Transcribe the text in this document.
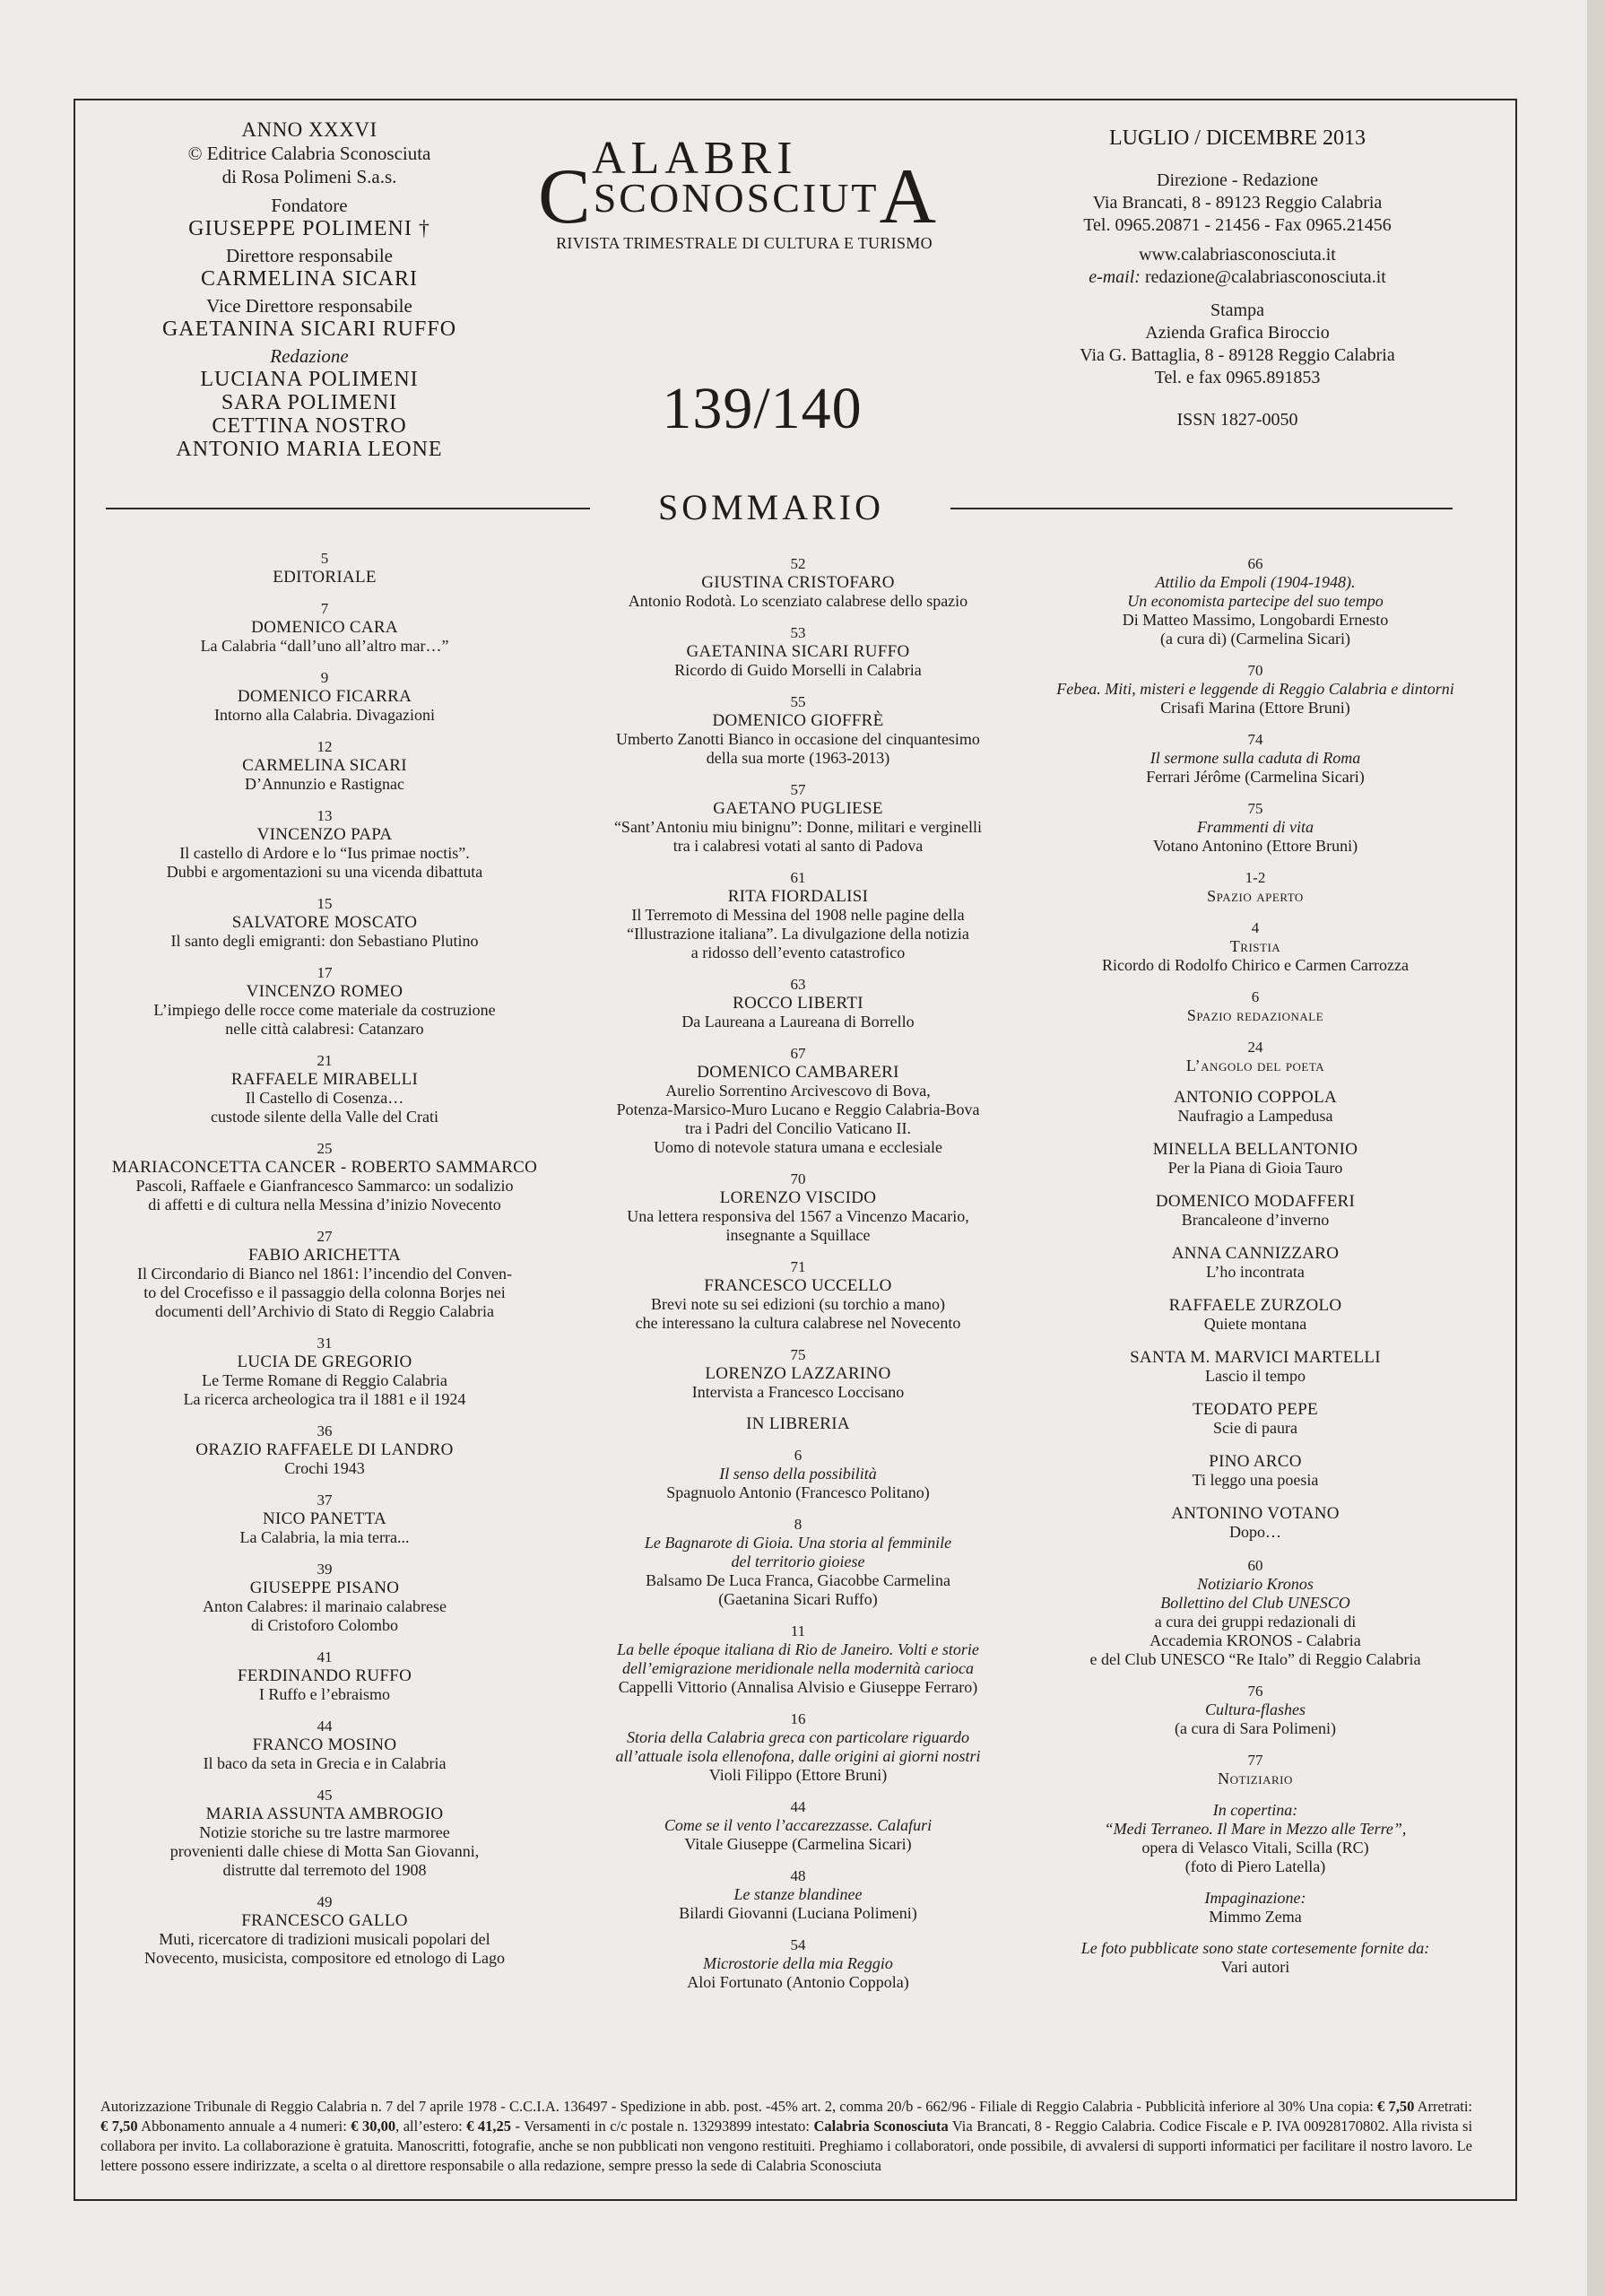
ANNO XXXVI
© Editrice Calabria Sconosciuta
di Rosa Polimeni S.a.s.
Fondatore
GIUSEPPE POLIMENI †
Direttore responsabile
CARMELINA SICARI
Vice Direttore responsabile
GAETANINA SICARI RUFFO
Redazione
LUCIANA POLIMENI
SARA POLIMENI
CETTINA NOSTRO
ANTONIO MARIA LEONE
ALABRI
CSCONOSCIUTA
RIVISTA TRIMESTRALE DI CULTURA E TURISMO
139/140
LUGLIO / DICEMBRE 2013
Direzione - Redazione
Via Brancati, 8 - 89123 Reggio Calabria
Tel. 0965.20871 - 21456 - Fax 0965.21456
www.calabriasconosciuta.it
e-mail: redazione@calabriasconosciuta.it
Stampa
Azienda Grafica Biroccio
Via G. Battaglia, 8 - 89128 Reggio Calabria
Tel. e fax 0965.891853
ISSN 1827-0050
SOMMARIO
5
EDITORIALE
7
DOMENICO CARA
La Calabria “dall’uno all’altro mar…”
9
DOMENICO FICARRA
Intorno alla Calabria. Divagazioni
12
CARMELINA SICARI
D’Annunzio e Rastignac
13
VINCENZO PAPA
Il castello di Ardore e lo “Ius primae noctis”.
Dubbi e argomentazioni su una vicenda dibattuta
15
SALVATORE MOSCATO
Il santo degli emigranti: don Sebastiano Plutino
17
VINCENZO ROMEO
L’impiego delle rocce come materiale da costruzione
nelle città calabresi: Catanzaro
21
RAFFAELE MIRABELLI
Il Castello di Cosenza…
custode silente della Valle del Crati
25
MARIACONCETTA CANCER - ROBERTO SAMMARCO
Pascoli, Raffaele e Gianfrancesco Sammarco: un sodalizio
di affetti e di cultura nella Messina d’inizio Novecento
27
FABIO ARICHETTA
Il Circondario di Bianco nel 1861: l’incendio del Conven-
to del Crocefisso e il passaggio della colonna Borjes nei
documenti dell’Archivio di Stato di Reggio Calabria
31
LUCIA DE GREGORIO
Le Terme Romane di Reggio Calabria
La ricerca archeologica tra il 1881 e il 1924
36
ORAZIO RAFFAELE DI LANDRO
Crochi 1943
37
NICO PANETTA
La Calabria, la mia terra...
39
GIUSEPPE PISANO
Anton Calabres: il marinaio calabrese
di Cristoforo Colombo
41
FERDINANDO RUFFO
I Ruffo e l’ebraismo
44
FRANCO MOSINO
Il baco da seta in Grecia e in Calabria
45
MARIA ASSUNTA AMBROGIO
Notizie storiche su tre lastre marmoree
provenienti dalle chiese di Motta San Giovanni,
distrutte dal terremoto del 1908
49
FRANCESCO GALLO
Muti, ricercatore di tradizioni musicali popolari del
Novecento, musicista, compositore ed etnologo di Lago
52
GIUSTINA CRISTOFARO
Antonio Rodotà. Lo scenziato calabrese dello spazio
53
GAETANINA SICARI RUFFO
Ricordo di Guido Morselli in Calabria
55
DOMENICO GIOFFRÈ
Umberto Zanotti Bianco in occasione del cinquantesimo
della sua morte (1963-2013)
57
GAETANO PUGLIESE
“Sant’Antoniu miu binignu”: Donne, militari e verginelli
tra i calabresi votati al santo di Padova
61
RITA FIORDALISI
Il Terremoto di Messina del 1908 nelle pagine della
“Illustrazione italiana”. La divulgazione della notizia
a ridosso dell’evento catastrofico
63
ROCCO LIBERTI
Da Laureana a Laureana di Borrello
67
DOMENICO CAMBARERI
Aurelio Sorrentino Arcivescovo di Bova,
Potenza-Marsico-Muro Lucano e Reggio Calabria-Bova
tra i Padri del Concilio Vaticano II.
Uomo di notevole statura umana e ecclesiale
70
LORENZO VISCIDO
Una lettera responsiva del 1567 a Vincenzo Macario,
insegnante a Squillace
71
FRANCESCO UCCELLO
Brevi note su sei edizioni (su torchio a mano)
che interessano la cultura calabrese nel Novecento
75
LORENZO LAZZARINO
Intervista a Francesco Loccisano
IN LIBRERIA
6
Il senso della possibilità
Spagnuolo Antonio (Francesco Politano)
8
Le Bagnarote di Gioia. Una storia al femminile
del territorio gioiese
Balsamo De Luca Franca, Giacobbe Carmelina
(Gaetanina Sicari Ruffo)
11
La belle époque italiana di Rio de Janeiro. Volti e storie
dell’emigrazione meridionale nella modernità carioca
Cappelli Vittorio (Annalisa Alvisio e Giuseppe Ferraro)
16
Storia della Calabria greca con particolare riguardo
all’attuale isola ellenofona, dalle origini ai giorni nostri
Violi Filippo (Ettore Bruni)
44
Come se il vento l’accarezzasse. Calafuri
Vitale Giuseppe (Carmelina Sicari)
48
Le stanze blandinee
Bilardi Giovanni (Luciana Polimeni)
54
Microstorie della mia Reggio
Aloi Fortunato (Antonio Coppola)
66
Attilio da Empoli (1904-1948).
Un economista partecipe del suo tempo
Di Matteo Massimo, Longobardi Ernesto
(a cura di) (Carmelina Sicari)
70
Febea. Miti, misteri e leggende di Reggio Calabria e dintorni
Crisafi Marina (Ettore Bruni)
74
Il sermone sulla caduta di Roma
Ferrari Jérôme (Carmelina Sicari)
75
Frammenti di vita
Votano Antonino (Ettore Bruni)
1-2
Spazio aperto
4
Tristia
Ricordo di Rodolfo Chirico e Carmen Carrozza
6
Spazio redazionale
24
L’angolo del poeta
ANTONIO COPPOLA
Naufragio a Lampedusa
MINELLA BELLANTONIO
Per la Piana di Gioia Tauro
DOMENICO MODAFFERI
Brancaleone d’inverno
ANNA CANNIZZARO
L’ho incontrata
RAFFAELE ZURZOLO
Quiete montana
SANTA M. MARVICI MARTELLI
Lascio il tempo
TEODATO PEPE
Scie di paura
PINO ARCO
Ti leggo una poesia
ANTONINO VOTANO
Dopo…
60
Notiziario Kronos
Bollettino del Club UNESCO
a cura dei gruppi redazionali di
Accademia KRONOS - Calabria
e del Club UNESCO “Re Italo” di Reggio Calabria
76
Cultura-flashes
(a cura di Sara Polimeni)
77
Notiziario
In copertina:
“Medi Terraneo. Il Mare in Mezzo alle Terre”,
opera di Velasco Vitali, Scilla (RC)
(foto di Piero Latella)
Impaginazione:
Mimmo Zema
Le foto pubblicate sono state cortesemente fornite da:
Vari autori
Autorizzazione Tribunale di Reggio Calabria n. 7 del 7 aprile 1978 - C.C.I.A. 136497 - Spedizione in abb. post. -45% art. 2, comma 20/b - 662/96 - Filiale di Reggio Calabria - Pubblicità inferiore al 30% Una copia: € 7,50 Arretrati: € 7,50 Abbonamento annuale a 4 numeri: € 30,00, all’estero: € 41,25 - Versamenti in c/c postale n. 13293899 intestato: Calabria Sconosciuta Via Brancati, 8 - Reggio Calabria. Codice Fiscale e P. IVA 00928170802. Alla rivista si collabora per invito. La collaborazione è gratuita. Manoscritti, fotografie, anche se non pubblicati non vengono restituiti. Preghiamo i collaboratori, onde possibile, di avvalersi di supporti informatici per facilitare il nostro lavoro. Le lettere possono essere indirizzate, a scelta o al direttore responsabile o alla redazione, sempre presso la sede di Calabria Sconosciuta
